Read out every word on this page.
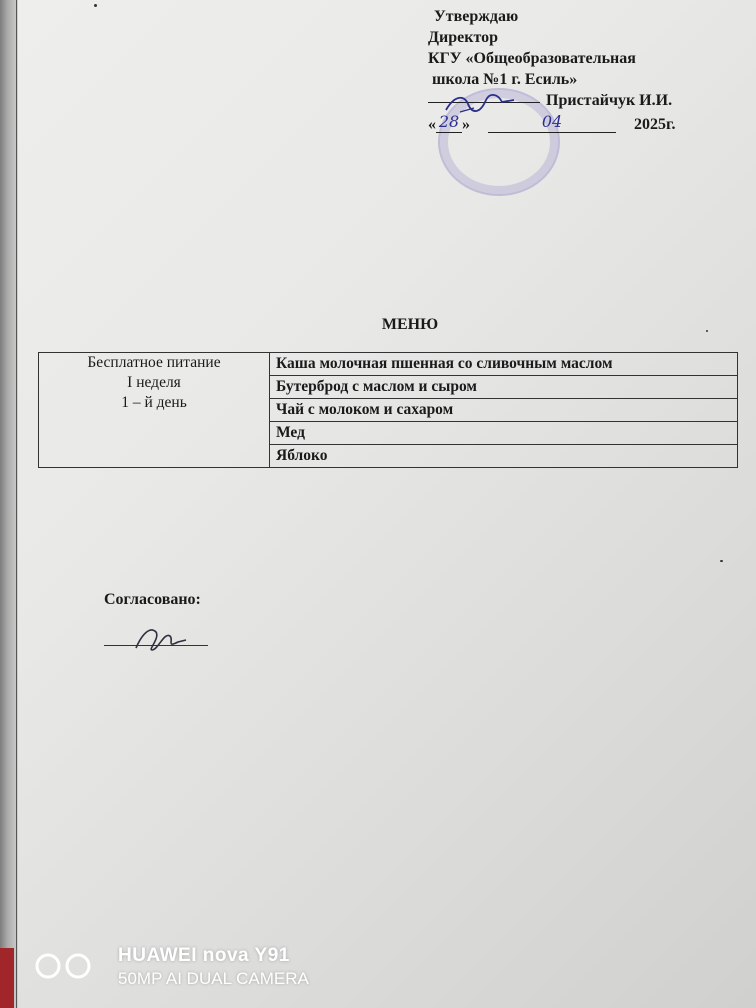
Утверждаю
Директор
КГУ «Общеобразовательная
школа №1 г. Есиль»
Пристайчук И.И.
« 28 »	04	2025г.
МЕНЮ
Бесплатное питание
I неделя
1 – й день
	Каша молочная пшенная со сливочным маслом
Бутерброд с маслом и сыром
Чай с молоком и сахаром
Мед
Яблоко
Согласовано:
HUAWEI nova Y91
50MP AI DUAL CAMERA
